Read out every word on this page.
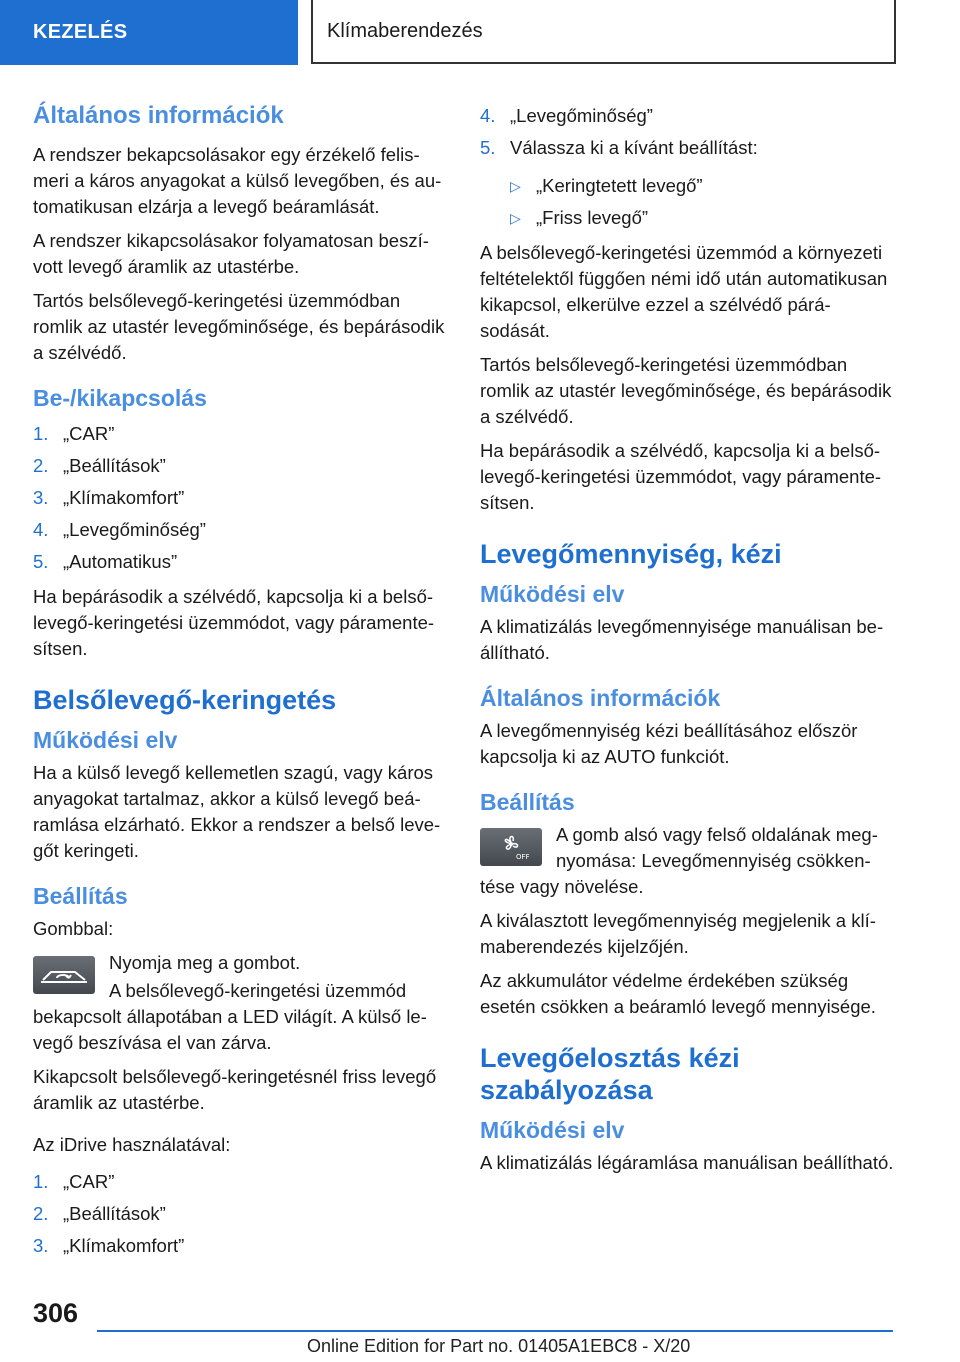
KEZELÉS	Klímaberendezés
Általános információk

A rendszer bekapcsolásakor egy érzékelő felismeri a káros anyagokat a külső levegőben, és automatikusan elzárja a levegő beáramlását.

A rendszer kikapcsolásakor folyamatosan beszívott levegő áramlik az utastérbe.

Tartós belsőlevegő-keringetési üzemmódban romlik az utastér levegőminősége, és bepárásodik a szélvédő.

Be-/kikapcsolás
1. „CAR”
2. „Beállítások”
3. „Klímakomfort”
4. „Levegőminőség”
5. „Automatikus”

Ha bepárásodik a szélvédő, kapcsolja ki a belsőlevegő-keringetési üzemmódot, vagy páramentesítsen.

Belsőlevegő-keringetés
Működési elv

Ha a külső levegő kellemetlen szagú, vagy káros anyagokat tartalmaz, akkor a külső levegő beáramlása elzárható. Ekkor a rendszer a belső levegőt keringeti.

Beállítás

Gombbal:

Nyomja meg a gombot.

A belsőlevegő-keringetési üzemmód bekapcsolt állapotában a LED világít. A külső levegő beszívása el van zárva.

Kikapcsolt belsőlevegő-keringetésnél friss levegő áramlik az utastérbe.

Az iDrive használatával:

1. „CAR”
2. „Beállítások”
3. „Klímakomfort”
4. „Levegőminőség”
5. Válassza ki a kívánt beállítást:
▷ „Keringtetett levegő”
▷ „Friss levegő”

A belsőlevegő-keringetési üzemmód a környezeti feltételektől függően némi idő után automatikusan kikapcsol, elkerülve ezzel a szélvédő párásodását.

Tartós belsőlevegő-keringetési üzemmódban romlik az utastér levegőminősége, és bepárásodik a szélvédő.

Ha bepárásodik a szélvédő, kapcsolja ki a belsőlevegő-keringetési üzemmódot, vagy páramentesítsen.

Levegőmennyiség, kézi
Működési elv

A klimatizálás levegőmennyisége manuálisan beállítható.

Általános információk

A levegőmennyiség kézi beállításához először kapcsolja ki az AUTO funkciót.

Beállítás
OFF

A gomb alsó vagy felső oldalának megnyomása: Levegőmennyiség csökkentése vagy növelése.

A kiválasztott levegőmennyiség megjelenik a klímaberendezés kijelzőjén.

Az akkumulátor védelme érdekében szükség esetén csökken a beáramló levegő mennyisége.

Levegőelosztás kézi szabályozása
Működési elv

A klimatizálás légáramlása manuálisan beállítható.

306
Online Edition for Part no. 01405A1EBC8 - X/20
